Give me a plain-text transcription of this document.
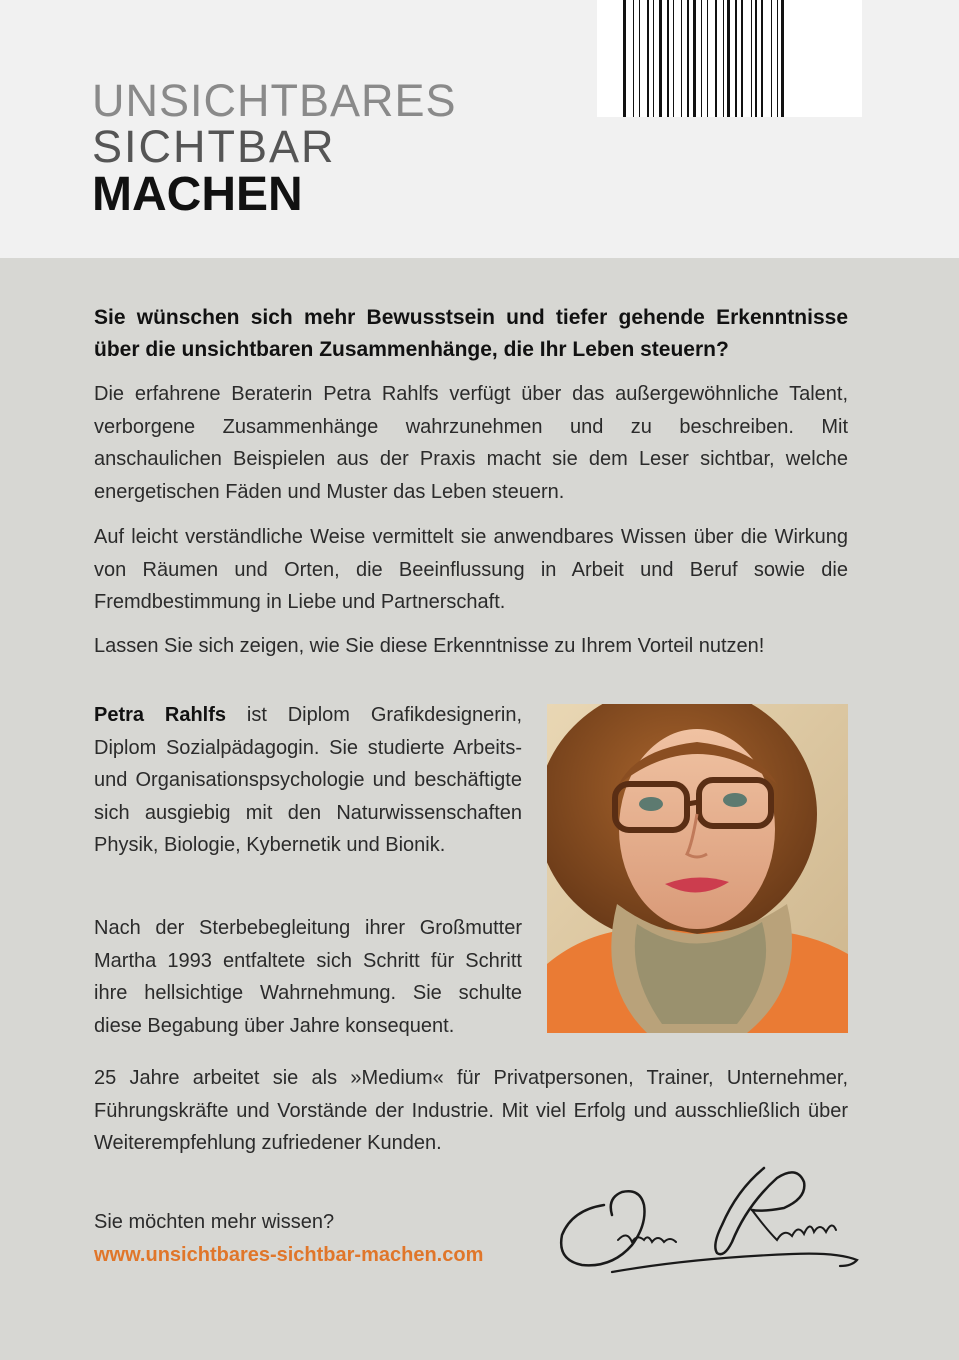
UNSICHTBARES
SICHTBAR
MACHEN

Sie wünschen sich mehr Bewusstsein und tiefer gehende Erkenntnisse über die unsichtbaren Zusammenhänge, die Ihr Leben steuern?

Die erfahrene Beraterin Petra Rahlfs verfügt über das außergewöhnliche Talent, verborgene Zusammenhänge wahrzunehmen und zu beschreiben. Mit anschaulichen Beispielen aus der Praxis macht sie dem Leser sichtbar, welche energetischen Fäden und Muster das Leben steuern.

Auf leicht verständliche Weise vermittelt sie anwendbares Wissen über die Wirkung von Räumen und Orten, die Beeinflussung in Arbeit und Beruf sowie die Fremdbestimmung in Liebe und Partnerschaft.

Lassen Sie sich zeigen, wie Sie diese Erkenntnisse zu Ihrem Vorteil nutzen!

Petra Rahlfs ist Diplom Grafikdesignerin, Diplom Sozialpädagogin. Sie studierte Arbeits- und Organisationspsychologie und beschäftigte sich ausgiebig mit den Naturwissenschaften Physik, Biologie, Kybernetik und Bionik.

Nach der Sterbebegleitung ihrer Großmutter Martha 1993 entfaltete sich Schritt für Schritt ihre hellsichtige Wahrnehmung. Sie schulte diese Begabung über Jahre konsequent.

25 Jahre arbeitet sie als »Medium« für Privatpersonen, Trainer, Unternehmer, Führungskräfte und Vorstände der Industrie. Mit viel Erfolg und ausschließlich über Weiterempfehlung zufriedener Kunden.

Sie möchten mehr wissen?

www.unsichtbares-sichtbar-machen.com
